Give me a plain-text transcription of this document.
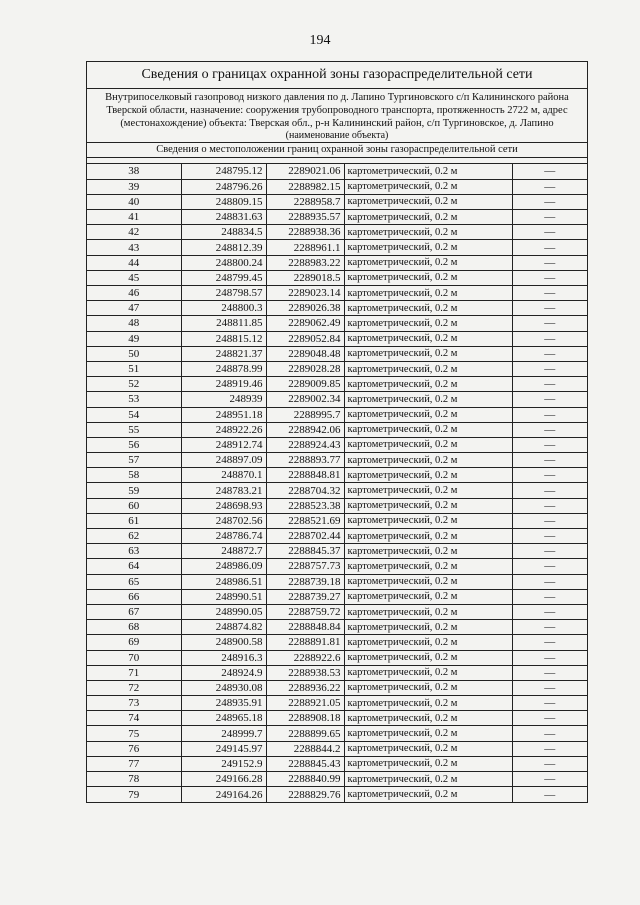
194
Сведения о границах охранной зоны газораспределительной сети
Внутрипоселковый газопровод низкого давления по д. Лапино Тургиновского с/п Калининского района Тверской области, назначение: сооружения трубопроводного транспорта, протяженность 2722 м, адрес (местонахождение) объекта: Тверская обл., р-н Калининский район, с/п Тургиновское, д. Лапино
(наименование объекта)
Сведения о местоположении границ охранной зоны газораспределительной сети
38	248795.12	2289021.06	картометрический, 0.2 м	—
39	248796.26	2288982.15	картометрический, 0.2 м	—
40	248809.15	2288958.7	картометрический, 0.2 м	—
41	248831.63	2288935.57	картометрический, 0.2 м	—
42	248834.5	2288938.36	картометрический, 0.2 м	—
43	248812.39	2288961.1	картометрический, 0.2 м	—
44	248800.24	2288983.22	картометрический, 0.2 м	—
45	248799.45	2289018.5	картометрический, 0.2 м	—
46	248798.57	2289023.14	картометрический, 0.2 м	—
47	248800.3	2289026.38	картометрический, 0.2 м	—
48	248811.85	2289062.49	картометрический, 0.2 м	—
49	248815.12	2289052.84	картометрический, 0.2 м	—
50	248821.37	2289048.48	картометрический, 0.2 м	—
51	248878.99	2289028.28	картометрический, 0.2 м	—
52	248919.46	2289009.85	картометрический, 0.2 м	—
53	248939	2289002.34	картометрический, 0.2 м	—
54	248951.18	2288995.7	картометрический, 0.2 м	—
55	248922.26	2288942.06	картометрический, 0.2 м	—
56	248912.74	2288924.43	картометрический, 0.2 м	—
57	248897.09	2288893.77	картометрический, 0.2 м	—
58	248870.1	2288848.81	картометрический, 0.2 м	—
59	248783.21	2288704.32	картометрический, 0.2 м	—
60	248698.93	2288523.38	картометрический, 0.2 м	—
61	248702.56	2288521.69	картометрический, 0.2 м	—
62	248786.74	2288702.44	картометрический, 0.2 м	—
63	248872.7	2288845.37	картометрический, 0.2 м	—
64	248986.09	2288757.73	картометрический, 0.2 м	—
65	248986.51	2288739.18	картометрический, 0.2 м	—
66	248990.51	2288739.27	картометрический, 0.2 м	—
67	248990.05	2288759.72	картометрический, 0.2 м	—
68	248874.82	2288848.84	картометрический, 0.2 м	—
69	248900.58	2288891.81	картометрический, 0.2 м	—
70	248916.3	2288922.6	картометрический, 0.2 м	—
71	248924.9	2288938.53	картометрический, 0.2 м	—
72	248930.08	2288936.22	картометрический, 0.2 м	—
73	248935.91	2288921.05	картометрический, 0.2 м	—
74	248965.18	2288908.18	картометрический, 0.2 м	—
75	248999.7	2288899.65	картометрический, 0.2 м	—
76	249145.97	2288844.2	картометрический, 0.2 м	—
77	249152.9	2288845.43	картометрический, 0.2 м	—
78	249166.28	2288840.99	картометрический, 0.2 м	—
79	249164.26	2288829.76	картометрический, 0.2 м	—
